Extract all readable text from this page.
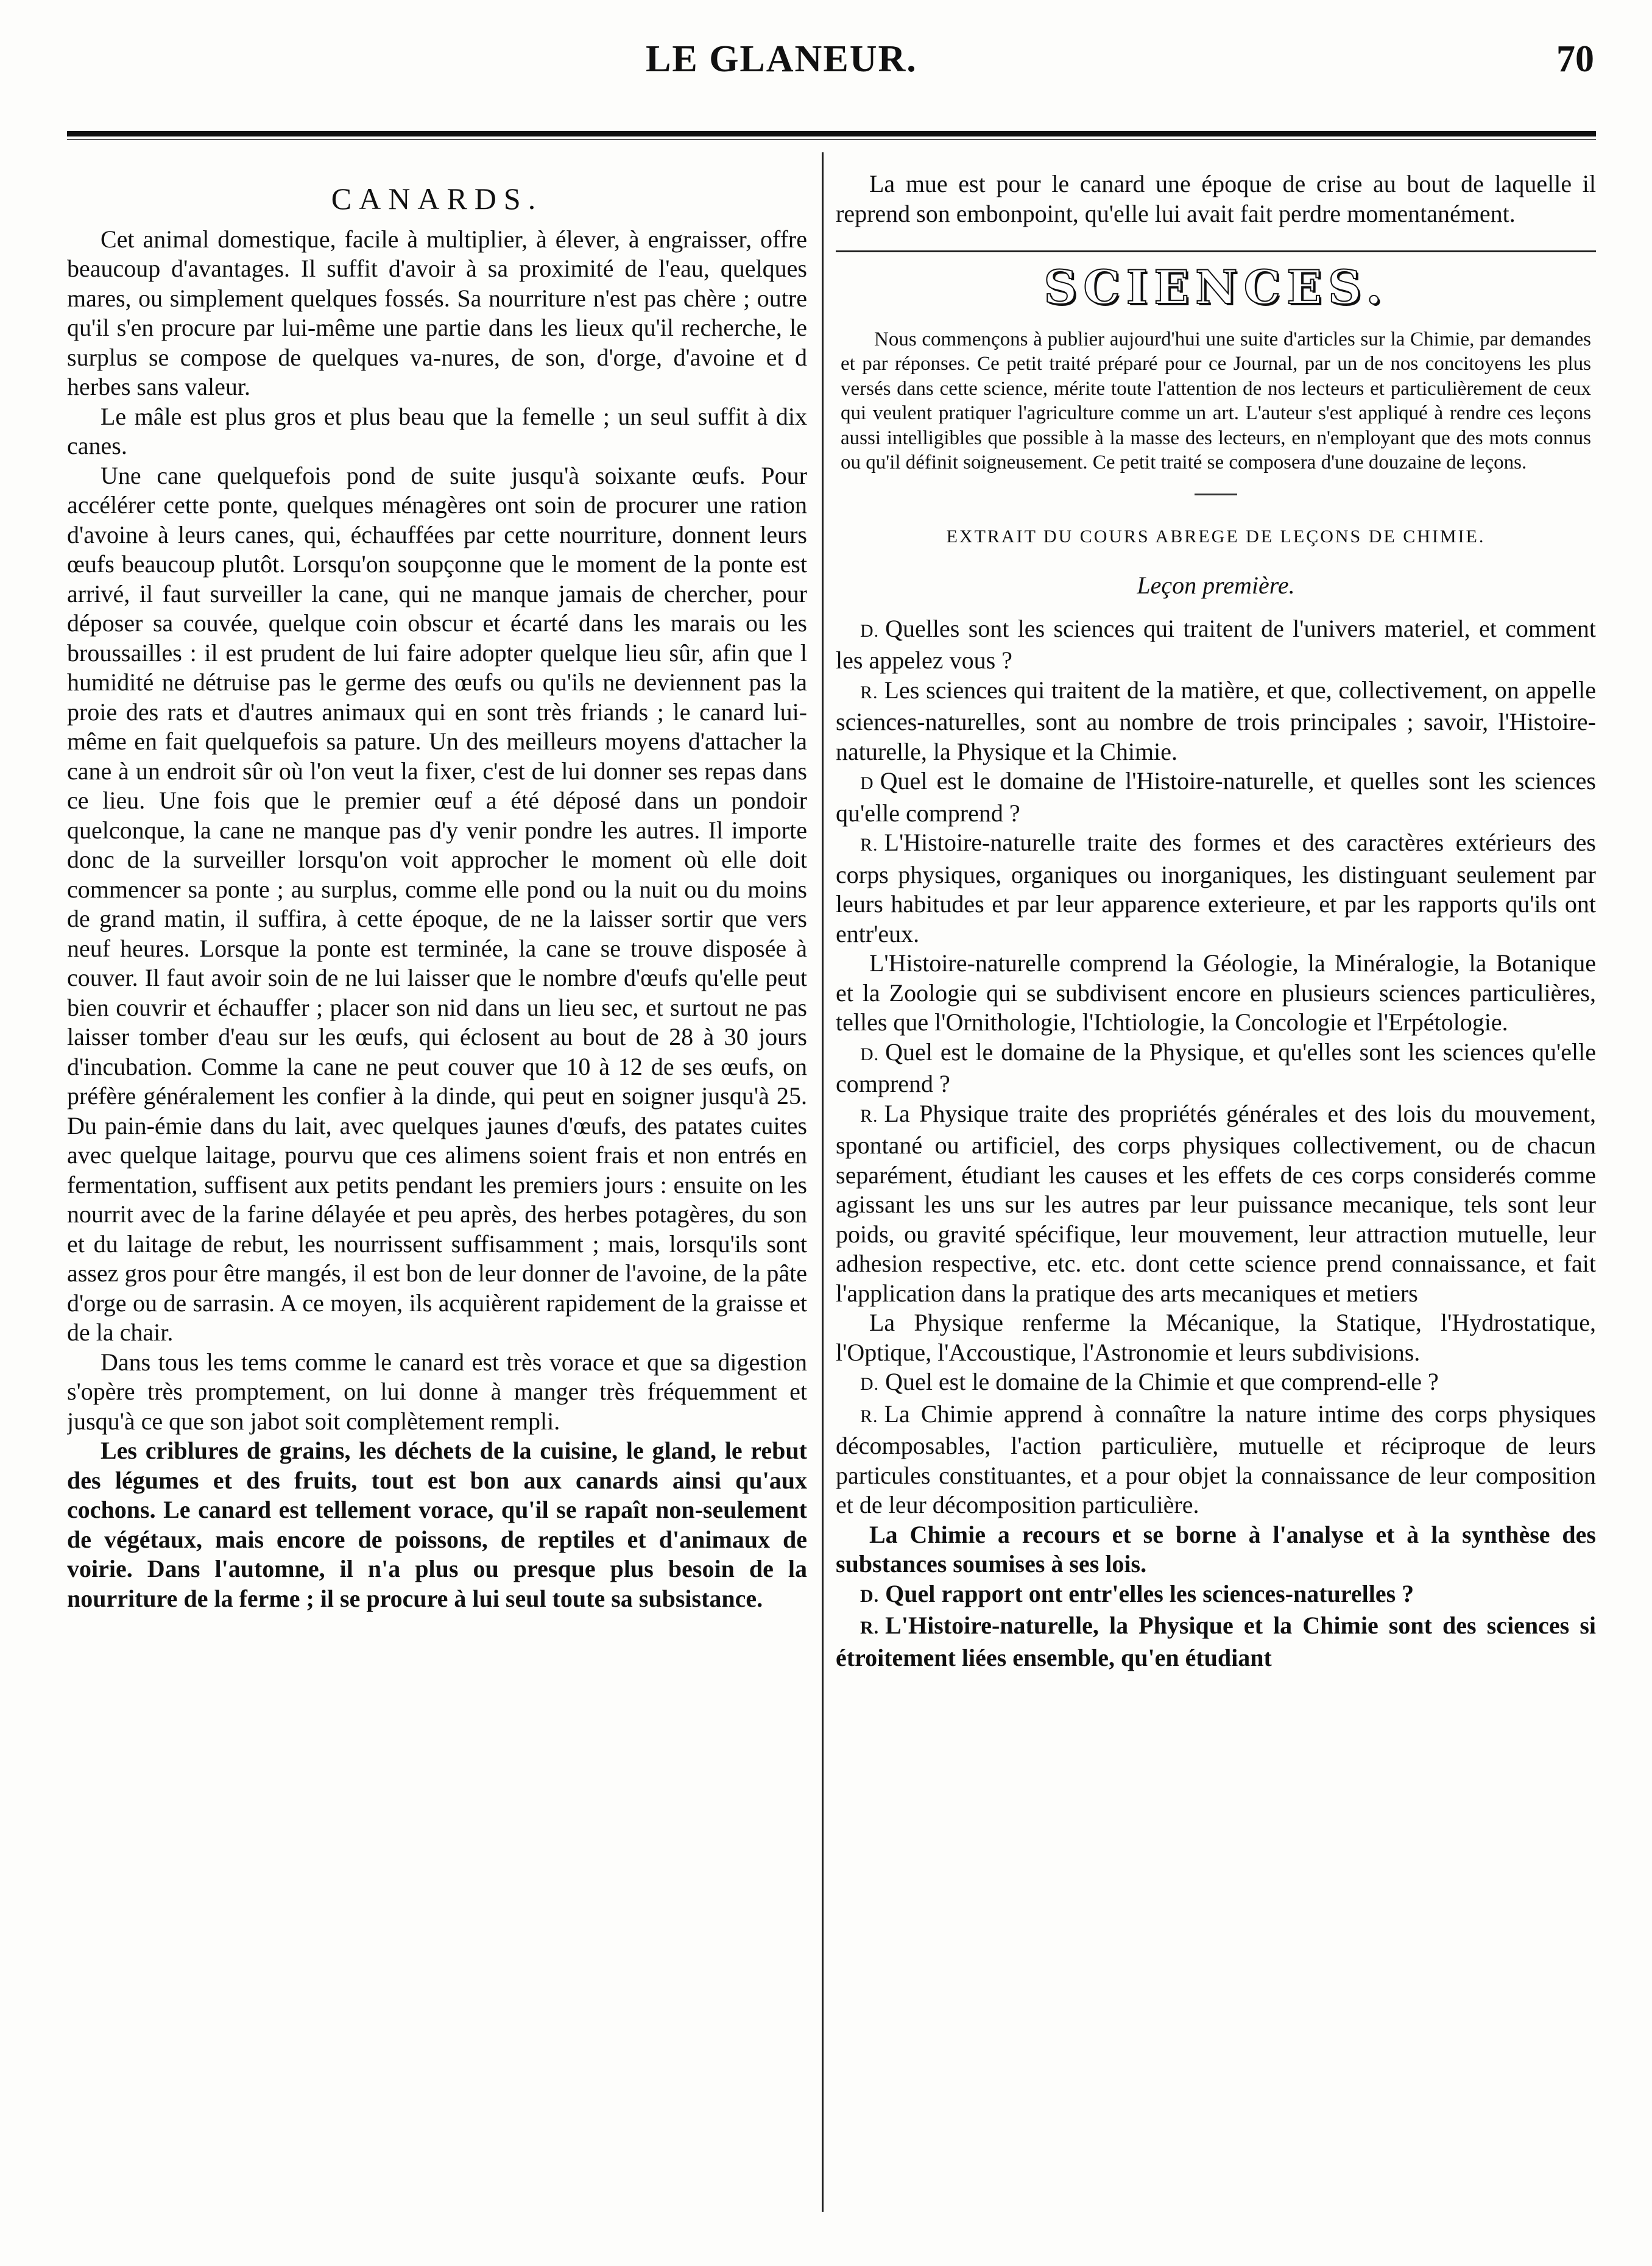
LE GLANEUR.	70
CANARDS.

Cet animal domestique, facile à multiplier, à élever, à engraisser, offre beaucoup d'avantages. Il suffit d'avoir à sa proximité de l'eau, quelques mares, ou simplement quelques fossés. Sa nourriture n'est pas chère ; outre qu'il s'en procure par lui-même une partie dans les lieux qu'il recherche, le surplus se compose de quelques va-nures, de son, d'orge, d'avoine et d herbes sans valeur.

Le mâle est plus gros et plus beau que la femelle ; un seul suffit à dix canes.

Une cane quelquefois pond de suite jusqu'à soixante œufs. Pour accélérer cette ponte, quelques ménagères ont soin de procurer une ration d'avoine à leurs canes, qui, échauffées par cette nourriture, donnent leurs œufs beaucoup plutôt. Lorsqu'on soupçonne que le moment de la ponte est arrivé, il faut surveiller la cane, qui ne manque jamais de chercher, pour déposer sa couvée, quelque coin obscur et écarté dans les marais ou les broussailles : il est prudent de lui faire adopter quelque lieu sûr, afin que l humidité ne détruise pas le germe des œufs ou qu'ils ne deviennent pas la proie des rats et d'autres animaux qui en sont très friands ; le canard lui-même en fait quelquefois sa pature. Un des meilleurs moyens d'attacher la cane à un endroit sûr où l'on veut la fixer, c'est de lui donner ses repas dans ce lieu. Une fois que le premier œuf a été déposé dans un pondoir quelconque, la cane ne manque pas d'y venir pondre les autres. Il importe donc de la surveiller lorsqu'on voit approcher le moment où elle doit commencer sa ponte ; au surplus, comme elle pond ou la nuit ou du moins de grand matin, il suffira, à cette époque, de ne la laisser sortir que vers neuf heures. Lorsque la ponte est terminée, la cane se trouve disposée à couver. Il faut avoir soin de ne lui laisser que le nombre d'œufs qu'elle peut bien couvrir et échauffer ; placer son nid dans un lieu sec, et surtout ne pas laisser tomber d'eau sur les œufs, qui éclosent au bout de 28 à 30 jours d'incubation. Comme la cane ne peut couver que 10 à 12 de ses œufs, on préfère généralement les confier à la dinde, qui peut en soigner jusqu'à 25. Du pain-émie dans du lait, avec quelques jaunes d'œufs, des patates cuites avec quelque laitage, pourvu que ces alimens soient frais et non entrés en fermentation, suffisent aux petits pendant les premiers jours : ensuite on les nourrit avec de la farine délayée et peu après, des herbes potagères, du son et du laitage de rebut, les nourrissent suffisamment ; mais, lorsqu'ils sont assez gros pour être mangés, il est bon de leur donner de l'avoine, de la pâte d'orge ou de sarrasin. A ce moyen, ils acquièrent rapidement de la graisse et de la chair.

Dans tous les tems comme le canard est très vorace et que sa digestion s'opère très promptement, on lui donne à manger très fréquemment et jusqu'à ce que son jabot soit complètement rempli.

Les criblures de grains, les déchets de la cuisine, le gland, le rebut des légumes et des fruits, tout est bon aux canards ainsi qu'aux cochons. Le canard est tellement vorace, qu'il se rapaît non-seulement de végétaux, mais encore de poissons, de reptiles et d'animaux de voirie. Dans l'automne, il n'a plus ou presque plus besoin de la nourriture de la ferme ; il se procure à lui seul toute sa subsistance.

La mue est pour le canard une époque de crise au bout de laquelle il reprend son embonpoint, qu'elle lui avait fait perdre momentanément.

SCIENCES.

Nous commençons à publier aujourd'hui une suite d'articles sur la Chimie, par demandes et par réponses. Ce petit traité préparé pour ce Journal, par un de nos concitoyens les plus versés dans cette science, mérite toute l'attention de nos lecteurs et particulièrement de ceux qui veulent pratiquer l'agriculture comme un art. L'auteur s'est appliqué à rendre ces leçons aussi intelligibles que possible à la masse des lecteurs, en n'employant que des mots connus ou qu'il définit soigneusement. Ce petit traité se composera d'une douzaine de leçons.

EXTRAIT DU COURS ABREGE DE LEÇONS DE CHIMIE.
Leçon première.

D. Quelles sont les sciences qui traitent de l'univers materiel, et comment les appelez vous ?

R. Les sciences qui traitent de la matière, et que, collectivement, on appelle sciences-naturelles, sont au nombre de trois principales ; savoir, l'Histoire-naturelle, la Physique et la Chimie.

D Quel est le domaine de l'Histoire-naturelle, et quelles sont les sciences qu'elle comprend ?

R. L'Histoire-naturelle traite des formes et des caractères extérieurs des corps physiques, organiques ou inorganiques, les distinguant seulement par leurs habitudes et par leur apparence exterieure, et par les rapports qu'ils ont entr'eux.

L'Histoire-naturelle comprend la Géologie, la Minéralogie, la Botanique et la Zoologie qui se subdivisent encore en plusieurs sciences particulières, telles que l'Ornithologie, l'Ichtiologie, la Concologie et l'Erpétologie.

D. Quel est le domaine de la Physique, et qu'elles sont les sciences qu'elle comprend ?

R. La Physique traite des propriétés générales et des lois du mouvement, spontané ou artificiel, des corps physiques collectivement, ou de chacun separément, étudiant les causes et les effets de ces corps considerés comme agissant les uns sur les autres par leur puissance mecanique, tels sont leur poids, ou gravité spécifique, leur mouvement, leur attraction mutuelle, leur adhesion respective, etc. etc. dont cette science prend connaissance, et fait l'application dans la pratique des arts mecaniques et metiers

La Physique renferme la Mécanique, la Statique, l'Hydrostatique, l'Optique, l'Accoustique, l'Astronomie et leurs subdivisions.

D. Quel est le domaine de la Chimie et que comprend-elle ?

R. La Chimie apprend à connaître la nature intime des corps physiques décomposables, l'action particulière, mutuelle et réciproque de leurs particules constituantes, et a pour objet la connaissance de leur composition et de leur décomposition particulière.

La Chimie a recours et se borne à l'analyse et à la synthèse des substances soumises à ses lois.

D. Quel rapport ont entr'elles les sciences-naturelles ?

R. L'Histoire-naturelle, la Physique et la Chimie sont des sciences si étroitement liées ensemble, qu'en étudiant
